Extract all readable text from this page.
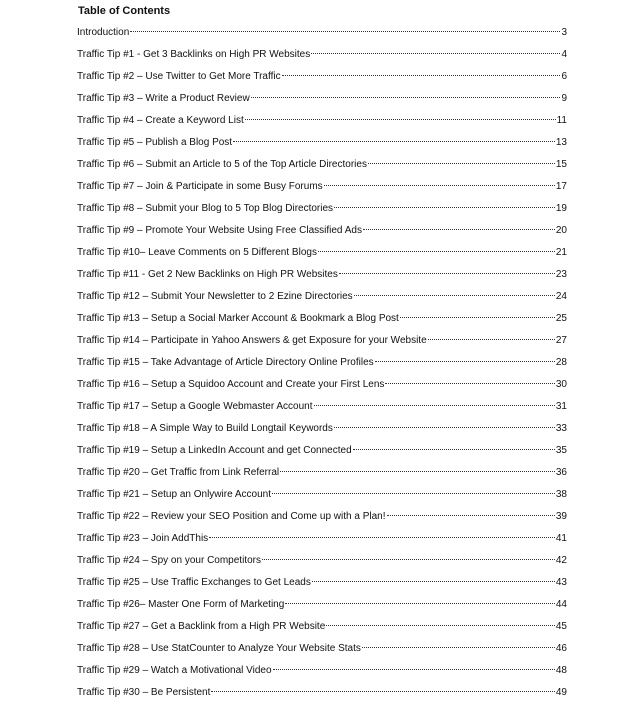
Table of Contents
Introduction	3
Traffic Tip #1 - Get 3 Backlinks on High PR Websites	4
Traffic Tip #2 – Use Twitter to Get More Traffic	6
Traffic Tip #3 – Write a Product Review	9
Traffic Tip #4 – Create a Keyword List	11
Traffic Tip #5 – Publish a Blog Post	13
Traffic Tip #6 – Submit an Article to 5 of the Top Article Directories	15
Traffic Tip #7 – Join & Participate in some Busy Forums	17
Traffic Tip #8 – Submit your Blog to 5 Top Blog Directories	19
Traffic Tip #9 – Promote Your Website Using Free Classified Ads	20
Traffic Tip #10– Leave Comments on 5 Different Blogs	21
Traffic Tip #11 - Get 2 New Backlinks on High PR Websites	23
Traffic Tip #12 – Submit Your Newsletter to 2 Ezine Directories	24
Traffic Tip #13 – Setup a Social Marker Account & Bookmark a Blog Post	25
Traffic Tip #14 – Participate in Yahoo Answers & get Exposure for your Website	27
Traffic Tip #15 – Take Advantage of Article Directory Online Profiles	28
Traffic Tip #16 – Setup a Squidoo Account and Create your First Lens	30
Traffic Tip #17 – Setup a Google Webmaster Account	31
Traffic Tip #18 – A Simple Way to Build Longtail Keywords	33
Traffic Tip #19 – Setup a LinkedIn Account and get Connected	35
Traffic Tip #20 – Get Traffic from Link Referral	36
Traffic Tip #21 – Setup an Onlywire Account	38
Traffic Tip #22 – Review your SEO Position and Come up with a Plan!	39
Traffic Tip #23 – Join AddThis	41
Traffic Tip #24 – Spy on your Competitors	42
Traffic Tip #25 – Use Traffic Exchanges to Get Leads	43
Traffic Tip #26– Master One Form of Marketing	44
Traffic Tip #27 – Get a Backlink from a High PR Website	45
Traffic Tip #28 – Use StatCounter to Analyze Your Website Stats	46
Traffic Tip #29 – Watch a Motivational Video	48
Traffic Tip #30 – Be Persistent	49
